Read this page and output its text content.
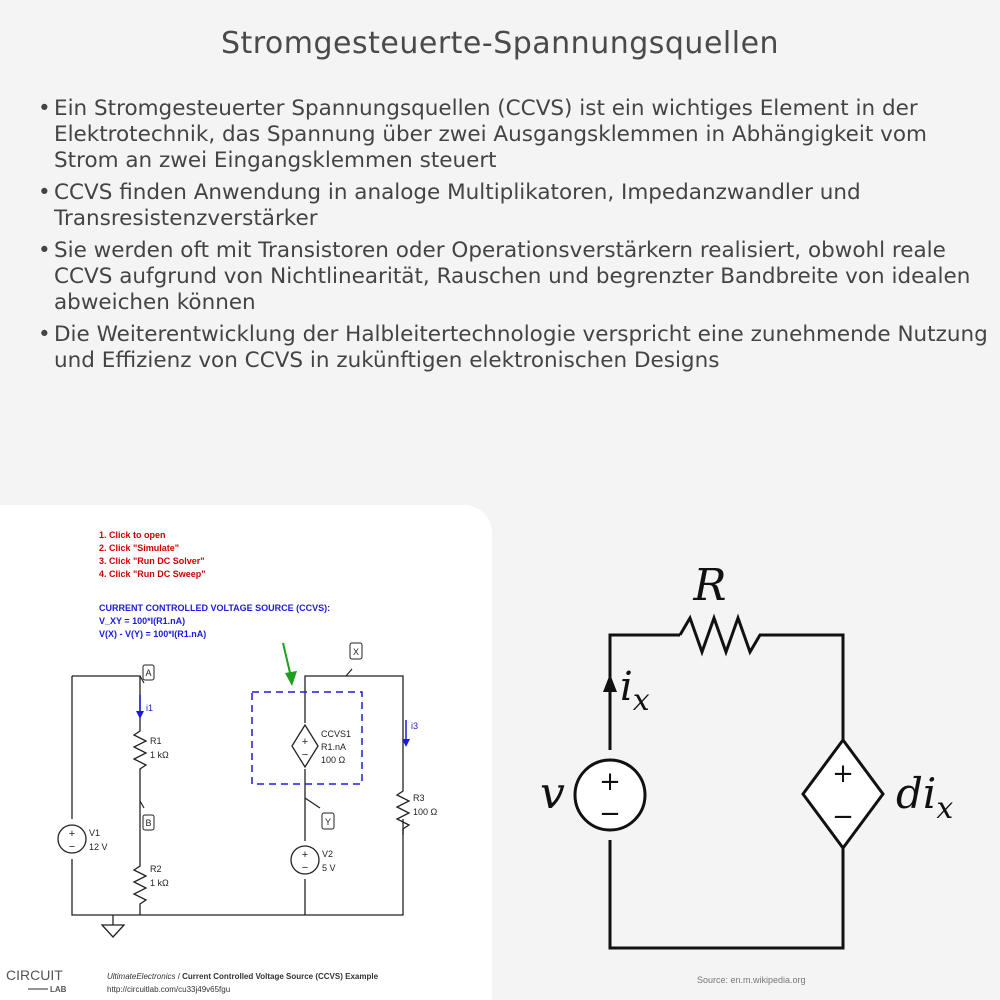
Stromgesteuerte-Spannungsquellen
• Ein Stromgesteuerter Spannungsquellen (CCVS) ist ein wichtiges Element in der Elektrotechnik, das Spannung über zwei Ausgangsklemmen in Abhängigkeit vom Strom an zwei Eingangsklemmen steuert
• CCVS finden Anwendung in analoge Multiplikatoren, Impedanzwandler und Transresistenzverstärker
• Sie werden oft mit Transistoren oder Operationsverstärkern realisiert, obwohl reale CCVS aufgrund von Nichtlinearität, Rauschen und begrenzter Bandbreite von idealen abweichen können
• Die Weiterentwicklung der Halbleitertechnologie verspricht eine zunehmende Nutzung und Effizienz von CCVS in zukünftigen elektronischen Designs
1. Click to open
2. Click "Simulate"
3. Click "Run DC Solver"
4. Click "Run DC Sweep"
CURRENT CONTROLLED VOLTAGE SOURCE (CCVS):
V_XY = 100*I(R1.nA)
V(X) - V(Y) = 100*I(R1.nA)
R1
1 kΩ
R2
1 kΩ
R3
100 Ω
+
−
V1
12 V
+
−
V2
5 V
+
−
CCVS1
R1.nA
100 Ω
i1
i3
A
B
X
Y
CIRCUIT
LAB
UltimateElectronics / Current Controlled Voltage Source (CCVS) Example
http://circuitlab.com/cu33j49v65fgu
R
$i_x$
+
−
v	+
− $di_x$
Source: en.m.wikipedia.org
